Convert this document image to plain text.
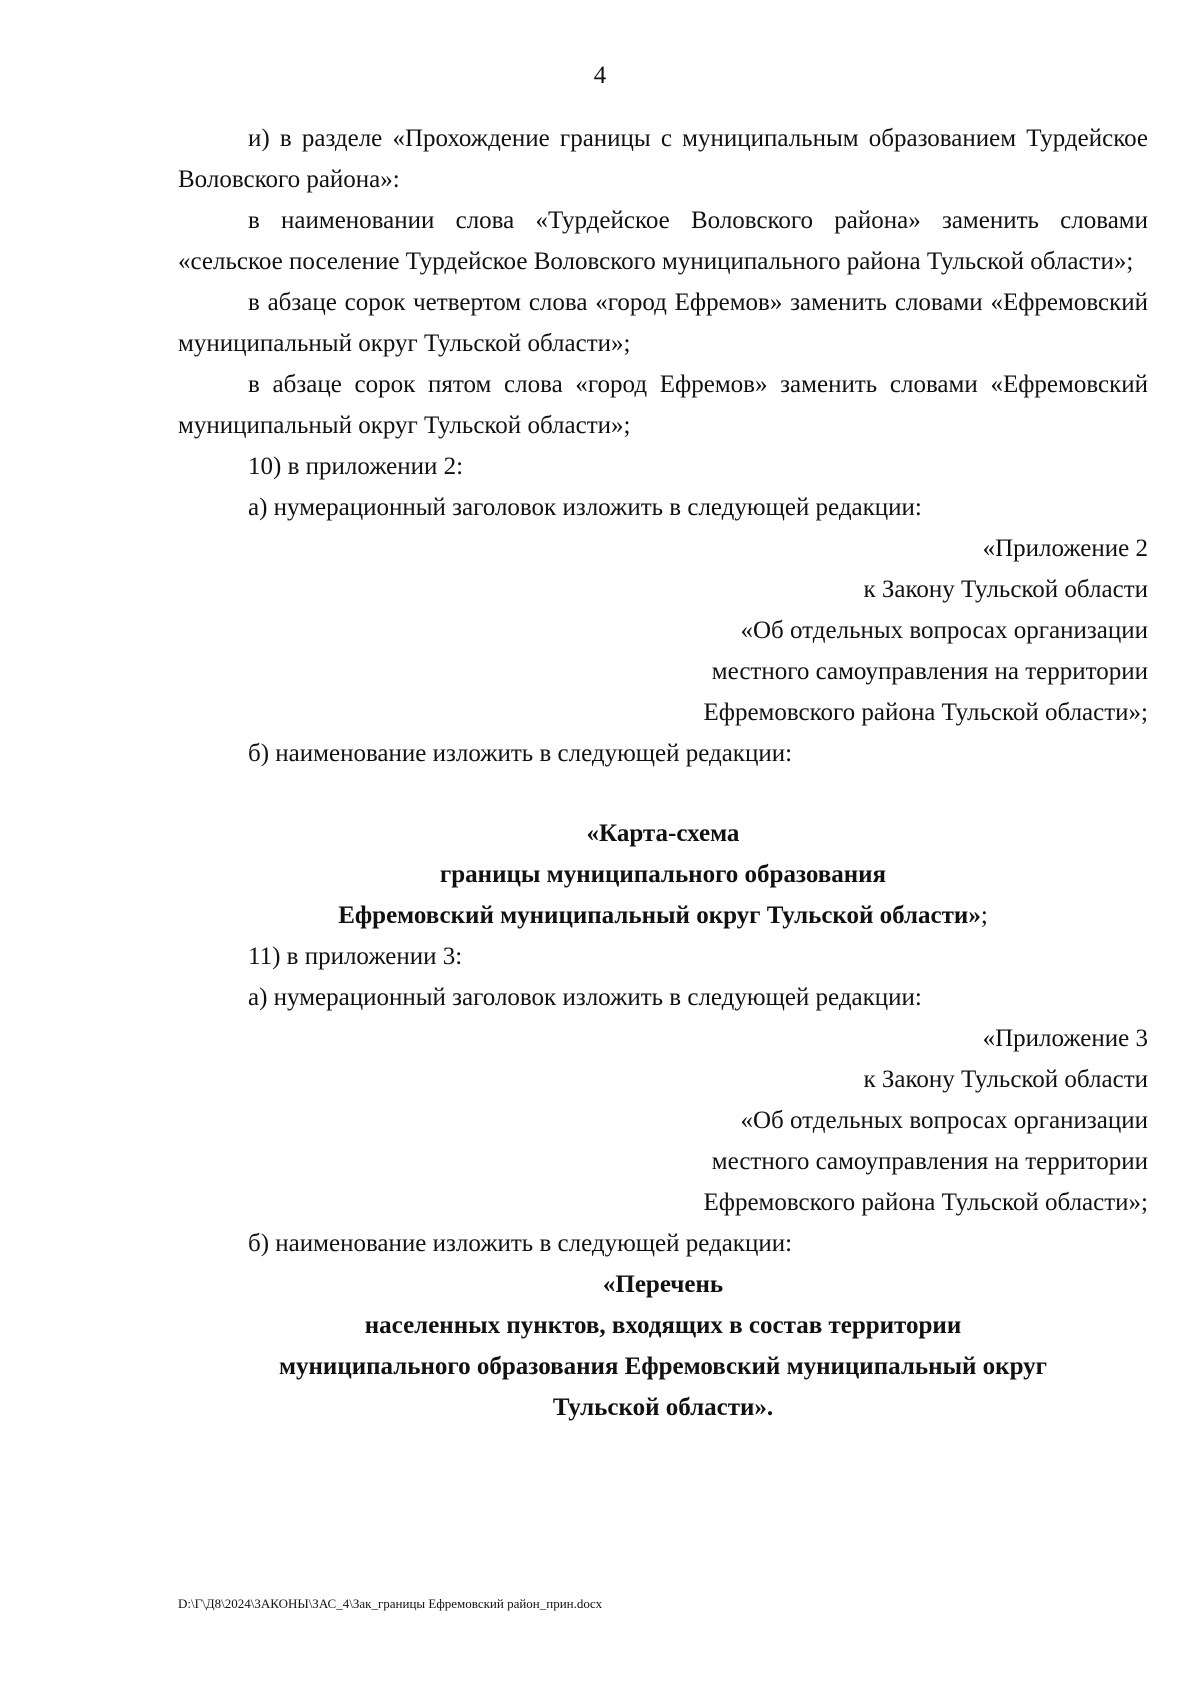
4

и) в разделе «Прохождение границы с муниципальным образованием Турдейское Воловского района»:

в наименовании слова «Турдейское Воловского района» заменить словами «сельское поселение Турдейское Воловского муниципального района Тульской области»;

в абзаце сорок четвертом слова «город Ефремов» заменить словами «Ефремовский муниципальный округ Тульской области»;

в абзаце сорок пятом слова «город Ефремов» заменить словами «Ефремовский муниципальный округ Тульской области»;

10) в приложении 2:

а) нумерационный заголовок изложить в следующей редакции:

«Приложение 2

к Закону Тульской области

«Об отдельных вопросах организации

местного самоуправления на территории

Ефремовского района Тульской области»;

б) наименование изложить в следующей редакции:

«Карта-схема

границы муниципального образования

Ефремовский муниципальный округ Тульской области»;

11) в приложении 3:

а) нумерационный заголовок изложить в следующей редакции:

«Приложение 3

к Закону Тульской области

«Об отдельных вопросах организации

местного самоуправления на территории

Ефремовского района Тульской области»;

б) наименование изложить в следующей редакции:

«Перечень

населенных пунктов, входящих в состав территории

муниципального образования Ефремовский муниципальный округ

Тульской области».

D:\Г\Д8\2024\ЗАКОНЫ\ЗАС_4\Зак_границы Ефремовский район_прин.docx
